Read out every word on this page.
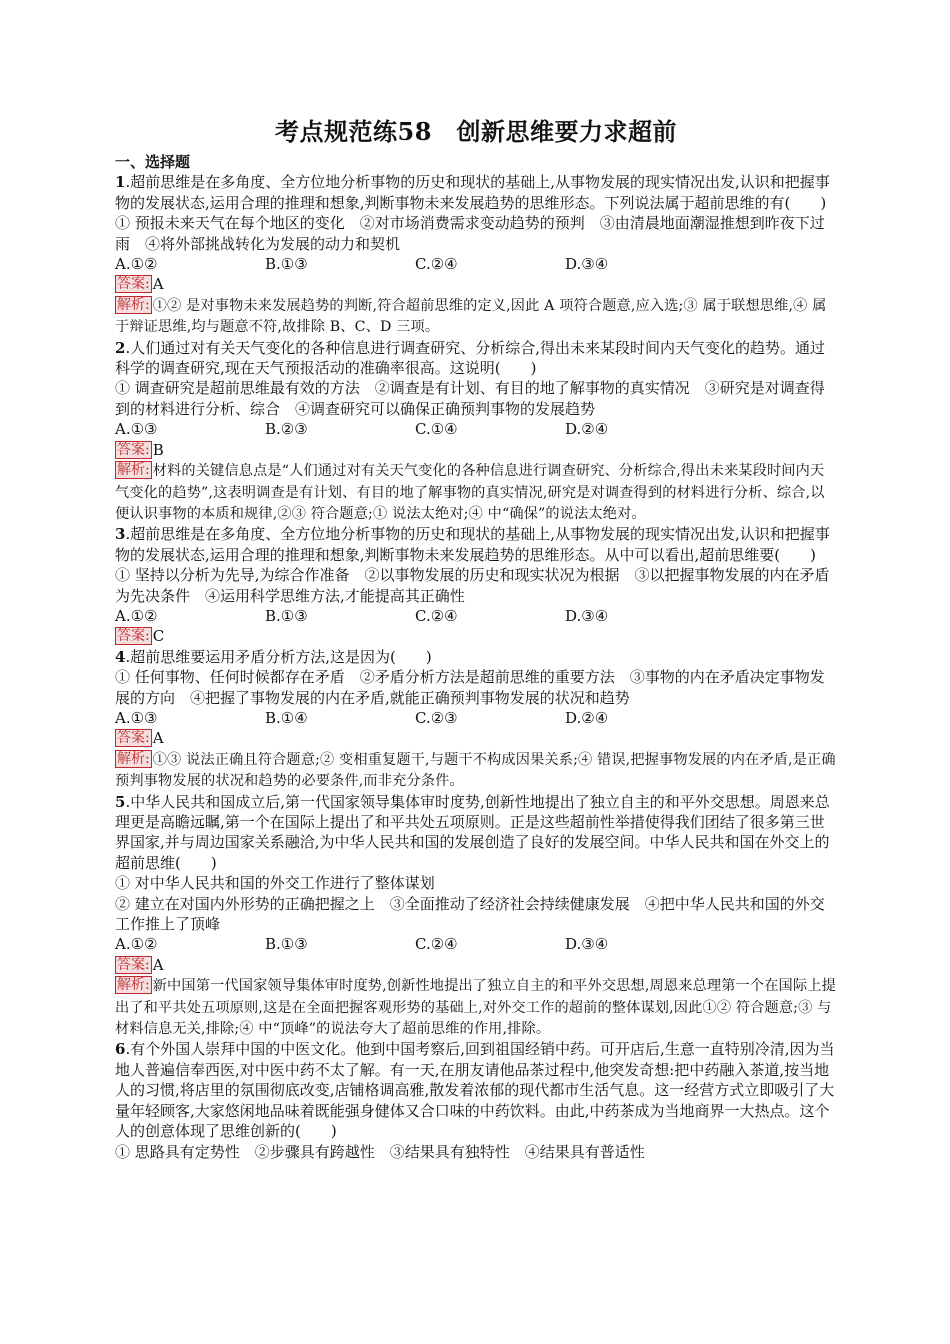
考点规范练58　创新思维要力求超前

一、选择题

1.超前思维是在多角度、全方位地分析事物的历史和现状的基础上,从事物发展的现实情况出发,认识和把握事物的发展状态,运用合理的推理和想象,判断事物未来发展趋势的思维形态。下列说法属于超前思维的有(　　)

① 预报未来天气在每个地区的变化　②对市场消费需求变动趋势的预判　③由清晨地面潮湿推想到昨夜下过雨　④将外部挑战转化为发展的动力和契机

A.①②	B.①③	C.②④	D.③④

答案: A

解析: ①② 是对事物未来发展趋势的判断,符合超前思维的定义,因此 A 项符合题意,应入选;③ 属于联想思维,④ 属于辩证思维,均与题意不符,故排除 B、C、D 三项。

2.人们通过对有关天气变化的各种信息进行调查研究、分析综合,得出未来某段时间内天气变化的趋势。通过科学的调查研究,现在天气预报活动的准确率很高。这说明(　　)

① 调查研究是超前思维最有效的方法　②调查是有计划、有目的地了解事物的真实情况　③研究是对调查得到的材料进行分析、综合　④调查研究可以确保正确预判事物的发展趋势

A.①③	B.②③	C.①④	D.②④

答案: B

解析: 材料的关键信息点是“人们通过对有关天气变化的各种信息进行调查研究、分析综合,得出未来某段时间内天气变化的趋势”,这表明调查是有计划、有目的地了解事物的真实情况,研究是对调查得到的材料进行分析、综合,以便认识事物的本质和规律,②③ 符合题意;① 说法太绝对;④ 中“确保”的说法太绝对。

3.超前思维是在多角度、全方位地分析事物的历史和现状的基础上,从事物发展的现实情况出发,认识和把握事物的发展状态,运用合理的推理和想象,判断事物未来发展趋势的思维形态。从中可以看出,超前思维要(　　)

① 坚持以分析为先导,为综合作准备　②以事物发展的历史和现实状况为根据　③以把握事物发展的内在矛盾为先决条件　④运用科学思维方法,才能提高其正确性

A.①②	B.①③	C.②④	D.③④

答案: C

4.超前思维要运用矛盾分析方法,这是因为(　　)

① 任何事物、任何时候都存在矛盾　②矛盾分析方法是超前思维的重要方法　③事物的内在矛盾决定事物发展的方向　④把握了事物发展的内在矛盾,就能正确预判事物发展的状况和趋势

A.①③	B.①④	C.②③	D.②④

答案: A

解析: ①③ 说法正确且符合题意;② 变相重复题干,与题干不构成因果关系;④ 错误,把握事物发展的内在矛盾,是正确预判事物发展的状况和趋势的必要条件,而非充分条件。

5.中华人民共和国成立后,第一代国家领导集体审时度势,创新性地提出了独立自主的和平外交思想。周恩来总理更是高瞻远瞩,第一个在国际上提出了和平共处五项原则。正是这些超前性举措使得我们团结了很多第三世界国家,并与周边国家关系融洽,为中华人民共和国的发展创造了良好的发展空间。中华人民共和国在外交上的超前思维(　　)

① 对中华人民共和国的外交工作进行了整体谋划

② 建立在对国内外形势的正确把握之上　③全面推动了经济社会持续健康发展　④把中华人民共和国的外交工作推上了顶峰

A.①②	B.①③	C.②④	D.③④

答案: A

解析: 新中国第一代国家领导集体审时度势,创新性地提出了独立自主的和平外交思想,周恩来总理第一个在国际上提出了和平共处五项原则,这是在全面把握客观形势的基础上,对外交工作的超前的整体谋划,因此①② 符合题意;③ 与材料信息无关,排除;④ 中“顶峰”的说法夸大了超前思维的作用,排除。

6.有个外国人崇拜中国的中医文化。他到中国考察后,回到祖国经销中药。可开店后,生意一直特别冷清,因为当地人普遍信奉西医,对中医中药不太了解。有一天,在朋友请他品茶过程中,他突发奇想:把中药融入茶道,按当地人的习惯,将店里的氛围彻底改变,店铺格调高雅,散发着浓郁的现代都市生活气息。这一经营方式立即吸引了大量年轻顾客,大家悠闲地品味着既能强身健体又合口味的中药饮料。由此,中药茶成为当地商界一大热点。这个人的创意体现了思维创新的(　　)

① 思路具有定势性　②步骤具有跨越性　③结果具有独特性　④结果具有普适性
